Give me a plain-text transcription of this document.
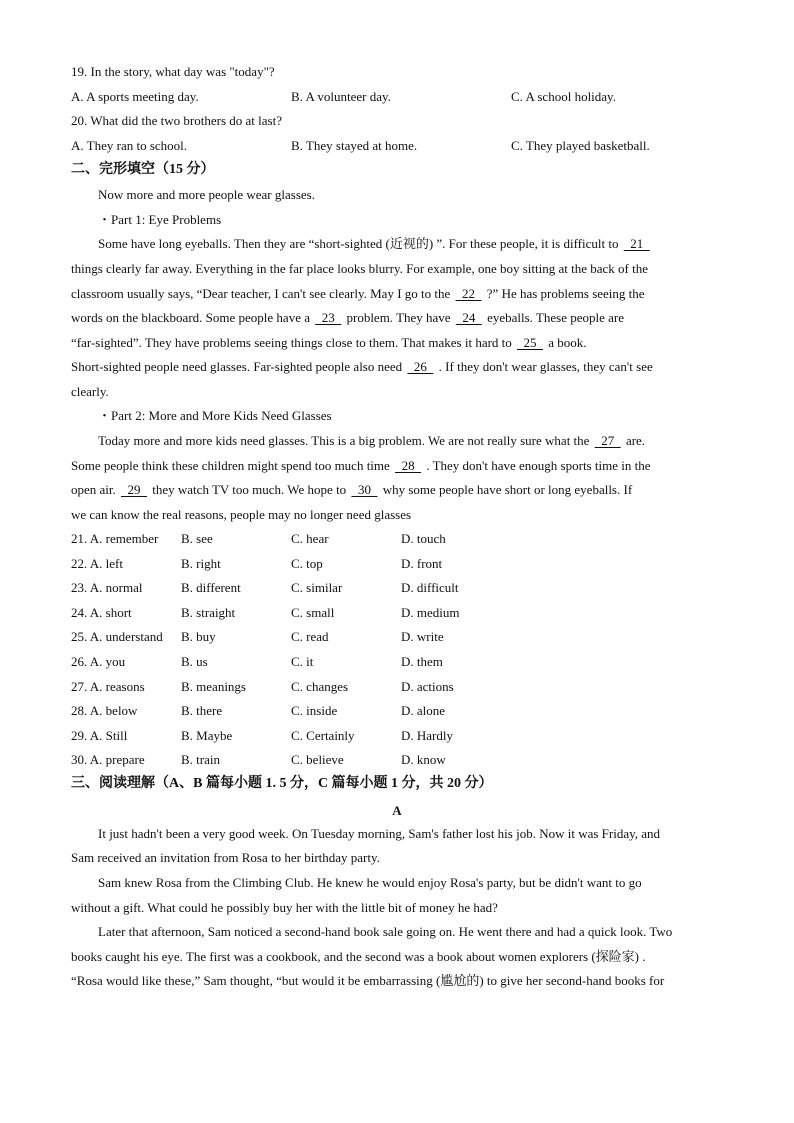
19. In the story, what day was "today"?
A. A sports meeting day.	B. A volunteer day.	C. A school holiday.
20. What did the two brothers do at last?
A. They ran to school.	B. They stayed at home.	C. They played basketball.
二、完形填空（15 分）
Now more and more people wear glasses.
・Part 1: Eye Problems
Some have long eyeballs. Then they are “short-sighted (近视的) ”. For these people, it is difficult to   21
things clearly far away. Everything in the far place looks blurry. For example, one boy sitting at the back of the
classroom usually says, “Dear teacher, I can't see clearly. May I go to the   22   ?” He has problems seeing the
words on the blackboard. Some people have a   23   problem. They have   24   eyeballs. These people are
“far-sighted”. They have problems seeing things close to them. That makes it hard to   25   a book.
Short-sighted people need glasses. Far-sighted people also need   26   . If they don't wear glasses, they can't see
clearly.
・Part 2: More and More Kids Need Glasses
Today more and more kids need glasses. This is a big problem. We are not really sure what the   27   are.
Some people think these children might spend too much time   28   . They don't have enough sports time in the
open air.   29   they watch TV too much. We hope to   30   why some people have short or long eyeballs. If
we can know the real reasons, people may no longer need glasses
21. A. remember B. see	C. hear	D. touch
22. A. left	B. right	C. top	D. front
23. A. normal	B. different	C. similar	D. difficult
24. A. short	B. straight	C. small	D. medium
25. A. understand B. buy	C. read	D. write
26. A. you	B. us	C. it	D. them
27. A. reasons	B. meanings	C. changes	D. actions
28. A. below	B. there	C. inside	D. alone
29. A. Still	B. Maybe	C. Certainly	D. Hardly
30. A. prepare	B. train	C. believe	D. know
三、阅读理解（A、B 篇每小题 1. 5 分，C 篇每小题 1 分，共 20 分）
A
It just hadn't been a very good week. On Tuesday morning, Sam's father lost his job. Now it was Friday, and
Sam received an invitation from Rosa to her birthday party.
Sam knew Rosa from the Climbing Club. He knew he would enjoy Rosa's party, but be didn't want to go
without a gift. What could he possibly buy her with the little bit of money he had?
Later that afternoon, Sam noticed a second-hand book sale going on. He went there and had a quick look. Two
books caught his eye. The first was a cookbook, and the second was a book about women explorers (探险家) .
“Rosa would like these,” Sam thought, “but would it be embarrassing (尴尬的) to give her second-hand books for
